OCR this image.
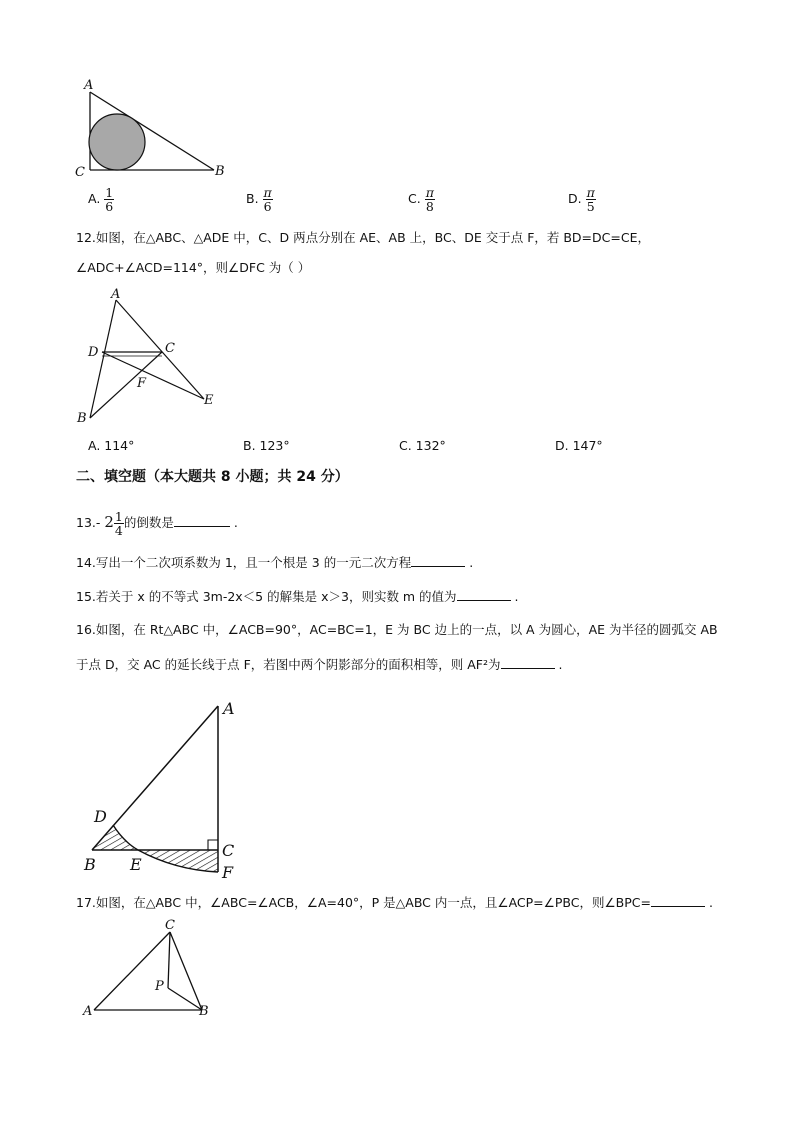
A
C	B
A. $\frac{1}{6}$	B. $\frac{\pi}{6}$	C. $\frac{\pi}{8}$	D. $\frac{\pi}{5}$
12.如图，在△ABC、△ADE 中，C、D 两点分别在 AE、AB 上，BC、DE 交于点 F，若 BD=DC=CE，
∠ADC+∠ACD=114°，则∠DFC 为（ ）
A
D	C
F
E
B
A. 114°	B. 123°	C. 132°	D. 147°
二、填空题（本大题共 8 小题；共 24 分）
13.- $2 \frac{1}{4}$ 的倒数是	.
14.写出一个二次项系数为 1，且一个根是 3 的一元二次方程	.
15.若关于 x 的不等式 3m-2x＜5 的解集是 x＞3，则实数 m 的值为	.
16.如图，在 Rt△ABC 中，∠ACB=90°，AC=BC=1，E 为 BC 边上的一点，以 A 为圆心，AE 为半径的圆弧交 AB
于点 D，交 AC 的延长线于点 F，若图中两个阴影部分的面积相等，则 AF²为	.
A
D
B E
C
F
17.如图，在△ABC 中，∠ABC=∠ACB，∠A=40°，P 是△ABC 内一点，且∠ACP=∠PBC，则∠BPC=	.
C
P
A	B
